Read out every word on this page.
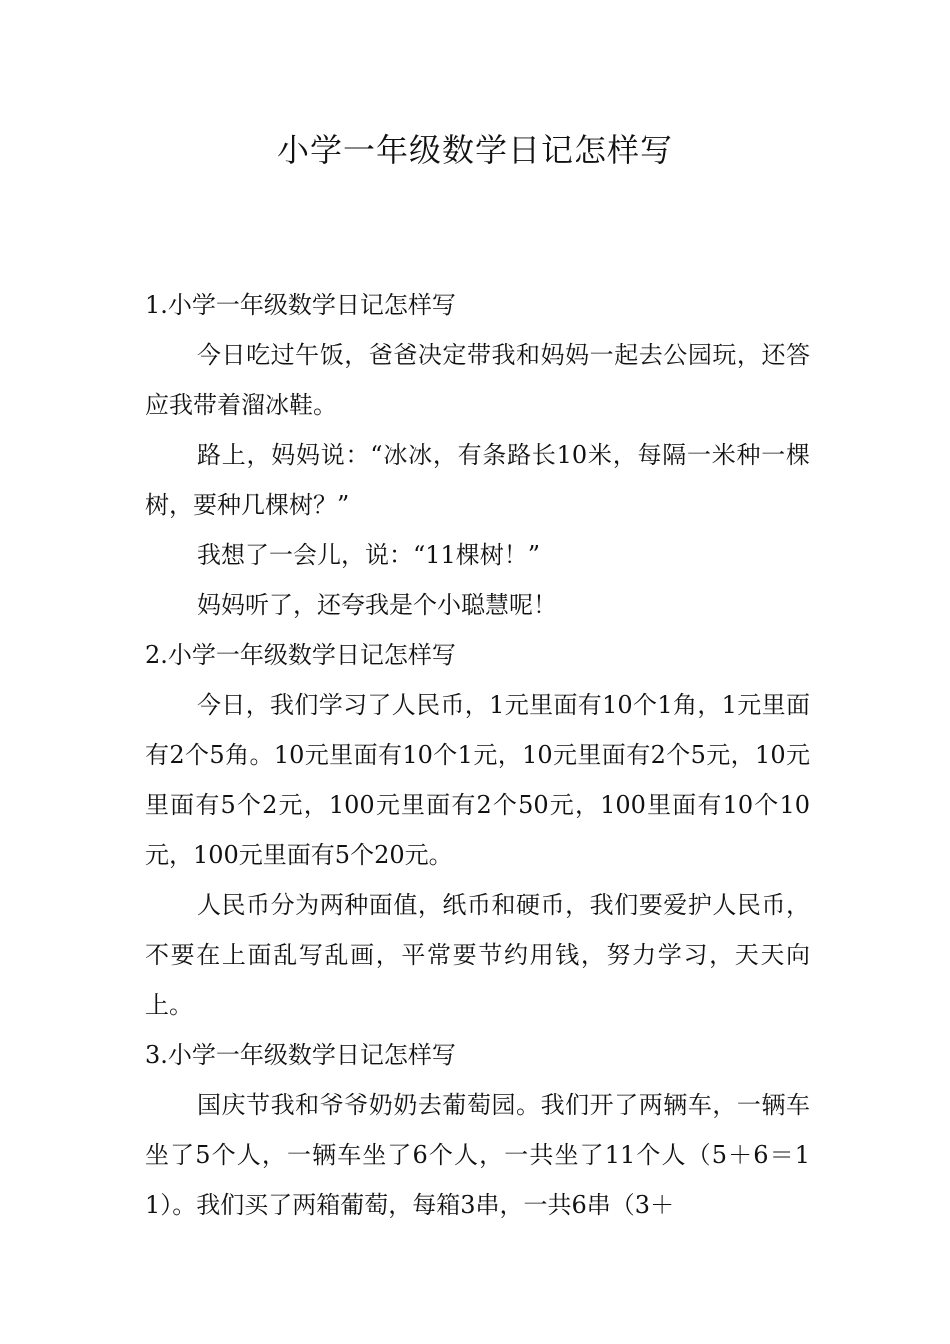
小学一年级数学日记怎样写
1.小学一年级数学日记怎样写

今日吃过午饭，爸爸决定带我和妈妈一起去公园玩，还答应我带着溜冰鞋。

路上，妈妈说：“冰冰，有条路长10米，每隔一米种一棵树，要种几棵树？”

我想了一会儿，说：“11棵树！”

妈妈听了，还夸我是个小聪慧呢！

2.小学一年级数学日记怎样写

今日，我们学习了人民币，1元里面有10个1角，1元里面有2个5角。10元里面有10个1元，10元里面有2个5元，10元里面有5个2元，100元里面有2个50元，100里面有10个10元，100元里面有5个20元。

人民币分为两种面值，纸币和硬币，我们要爱护人民币，不要在上面乱写乱画，平常要节约用钱，努力学习，天天向上。

3.小学一年级数学日记怎样写

国庆节我和爷爷奶奶去葡萄园。我们开了两辆车，一辆车坐了5个人，一辆车坐了6个人，一共坐了11个人（5＋6＝11）。我们买了两箱葡萄，每箱3串，一共6串（3＋
